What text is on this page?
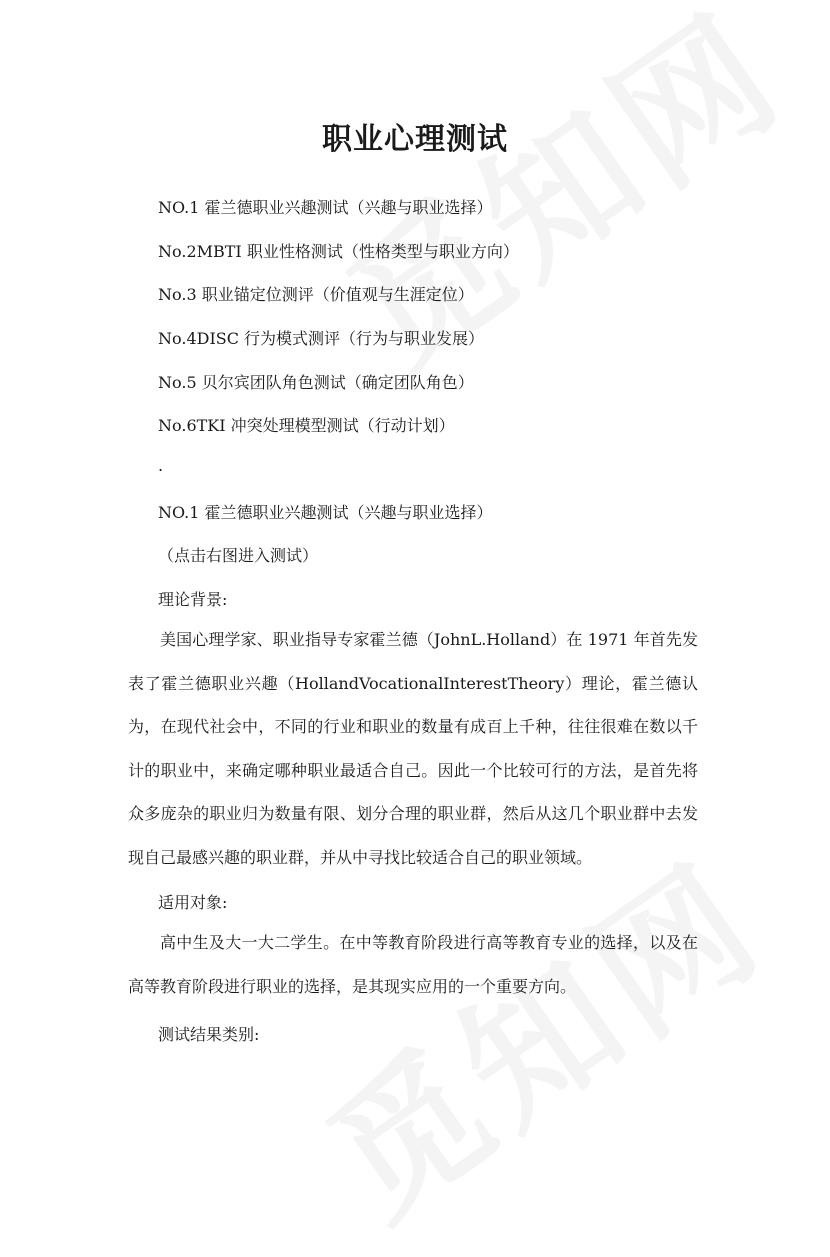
职业心理测试
NO.1 霍兰德职业兴趣测试（兴趣与职业选择）
No.2MBTI 职业性格测试（性格类型与职业方向）
No.3 职业锚定位测评（价值观与生涯定位）
No.4DISC 行为模式测评（行为与职业发展）
No.5 贝尔宾团队角色测试（确定团队角色）
No.6TKI 冲突处理模型测试（行动计划）
.
NO.1 霍兰德职业兴趣测试（兴趣与职业选择）
（点击右图进入测试）
理论背景:
美国心理学家、职业指导专家霍兰德（JohnL.Holland）在 1971 年首先发表了霍兰德职业兴趣（HollandVocationalInterestTheory）理论，霍兰德认为，在现代社会中，不同的行业和职业的数量有成百上千种，往往很难在数以千计的职业中，来确定哪种职业最适合自己。因此一个比较可行的方法，是首先将众多庞杂的职业归为数量有限、划分合理的职业群，然后从这几个职业群中去发现自己最感兴趣的职业群，并从中寻找比较适合自己的职业领域。
适用对象:
高中生及大一大二学生。在中等教育阶段进行高等教育专业的选择，以及在高等教育阶段进行职业的选择，是其现实应用的一个重要方向。
测试结果类别:
